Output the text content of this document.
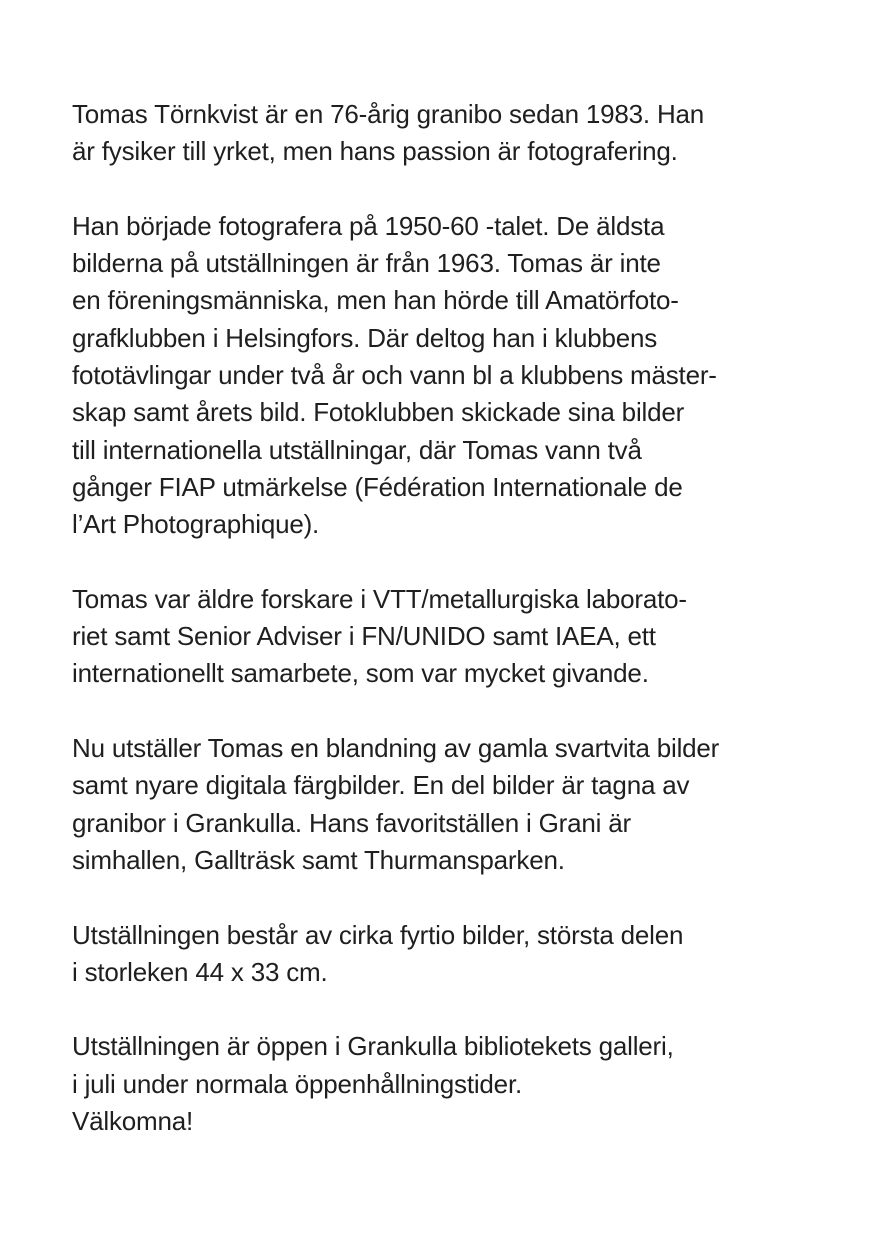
Tomas Törnkvist är en 76-årig granibo sedan 1983. Han
är fysiker till yrket, men hans passion är fotografering.

Han började fotografera på 1950-60 -talet. De äldsta
bilderna på utställningen är från 1963. Tomas är inte
en föreningsmänniska, men han hörde till Amatörfoto-
grafklubben i Helsingfors. Där deltog han i klubbens
fototävlingar under två år och vann bl a klubbens mäster-
skap samt årets bild. Fotoklubben skickade sina bilder
till internationella utställningar, där Tomas vann två
gånger FIAP utmärkelse (Fédération Internationale de
l’Art Photographique).

Tomas var äldre forskare i VTT/metallurgiska laborato-
riet samt Senior Adviser i FN/UNIDO samt IAEA, ett
internationellt samarbete, som var mycket givande.

Nu utställer Tomas en blandning av gamla svartvita bilder
samt nyare digitala färgbilder. En del bilder är tagna av
granibor i Grankulla. Hans favoritställen i Grani är
simhallen, Gallträsk samt Thurmansparken.

Utställningen består av cirka fyrtio bilder, största delen
i storleken 44 x 33 cm.

Utställningen är öppen i Grankulla bibliotekets galleri,
i juli under normala öppenhållningstider.
Välkomna!
